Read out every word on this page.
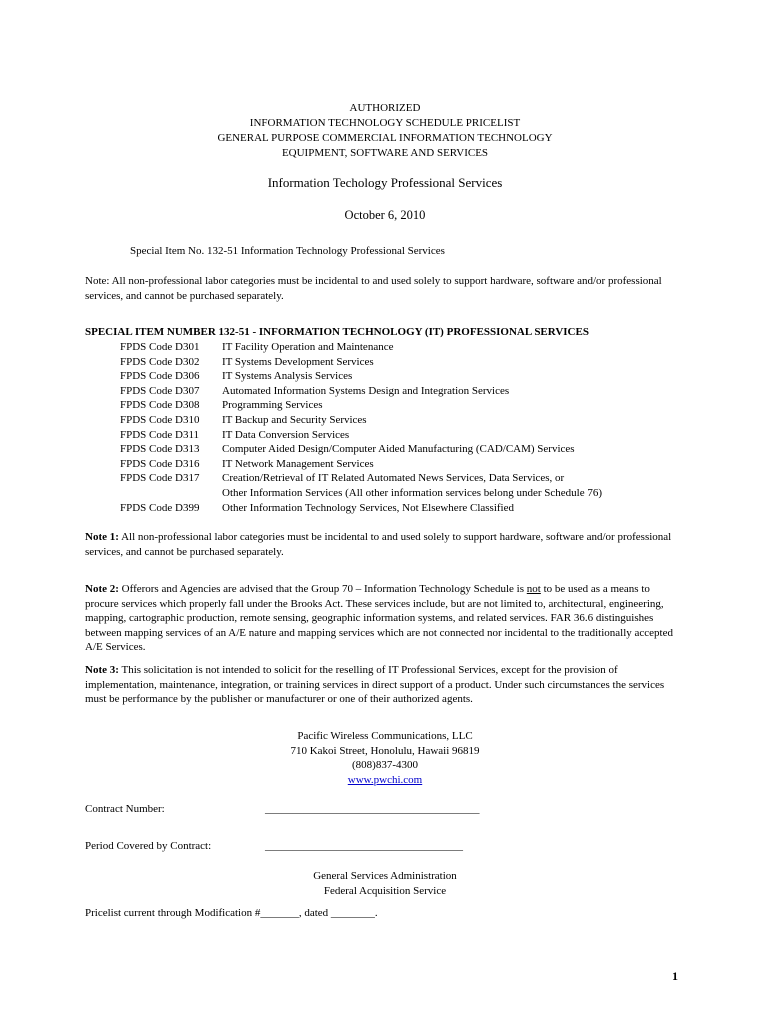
AUTHORIZED
INFORMATION TECHNOLOGY SCHEDULE PRICELIST
GENERAL PURPOSE COMMERCIAL INFORMATION TECHNOLOGY
EQUIPMENT, SOFTWARE AND SERVICES
Information Techology Professional Services
October 6, 2010
Special Item No. 132-51 Information Technology Professional Services
Note: All non-professional labor categories must be incidental to and used solely to support hardware, software and/or professional services, and cannot be purchased separately.
SPECIAL ITEM NUMBER 132-51 - INFORMATION TECHNOLOGY (IT) PROFESSIONAL SERVICES
FPDS Code D301	IT Facility Operation and Maintenance
FPDS Code D302	IT Systems Development Services
FPDS Code D306	IT Systems Analysis Services
FPDS Code D307	Automated Information Systems Design and Integration Services
FPDS Code D308	Programming Services
FPDS Code D310	IT Backup and Security Services
FPDS Code D311	IT Data Conversion Services
FPDS Code D313	Computer Aided Design/Computer Aided Manufacturing (CAD/CAM) Services
FPDS Code D316	IT Network Management Services
FPDS Code D317	Creation/Retrieval of IT Related Automated News Services, Data Services, or
Other Information Services (All other information services belong under Schedule 76)
FPDS Code D399	Other Information Technology Services, Not Elsewhere Classified
Note 1: All non-professional labor categories must be incidental to and used solely to support hardware, software and/or professional services, and cannot be purchased separately.
Note 2: Offerors and Agencies are advised that the Group 70 – Information Technology Schedule is not to be used as a means to procure services which properly fall under the Brooks Act. These services include, but are not limited to, architectural, engineering, mapping, cartographic production, remote sensing, geographic information systems, and related services. FAR 36.6 distinguishes between mapping services of an A/E nature and mapping services which are not connected nor incidental to the traditionally accepted A/E Services.
Note 3: This solicitation is not intended to solicit for the reselling of IT Professional Services, except for the provision of implementation, maintenance, integration, or training services in direct support of a product. Under such circumstances the services must be performance by the publisher or manufacturer or one of their authorized agents.
Pacific Wireless Communications, LLC
710 Kakoi Street, Honolulu, Hawaii 96819
(808)837-4300
www.pwchi.com
Contract Number:	_______________________________________
Period Covered by Contract:	____________________________________
General Services Administration
Federal Acquisition Service
Pricelist current through Modification #_______, dated ________.
1
